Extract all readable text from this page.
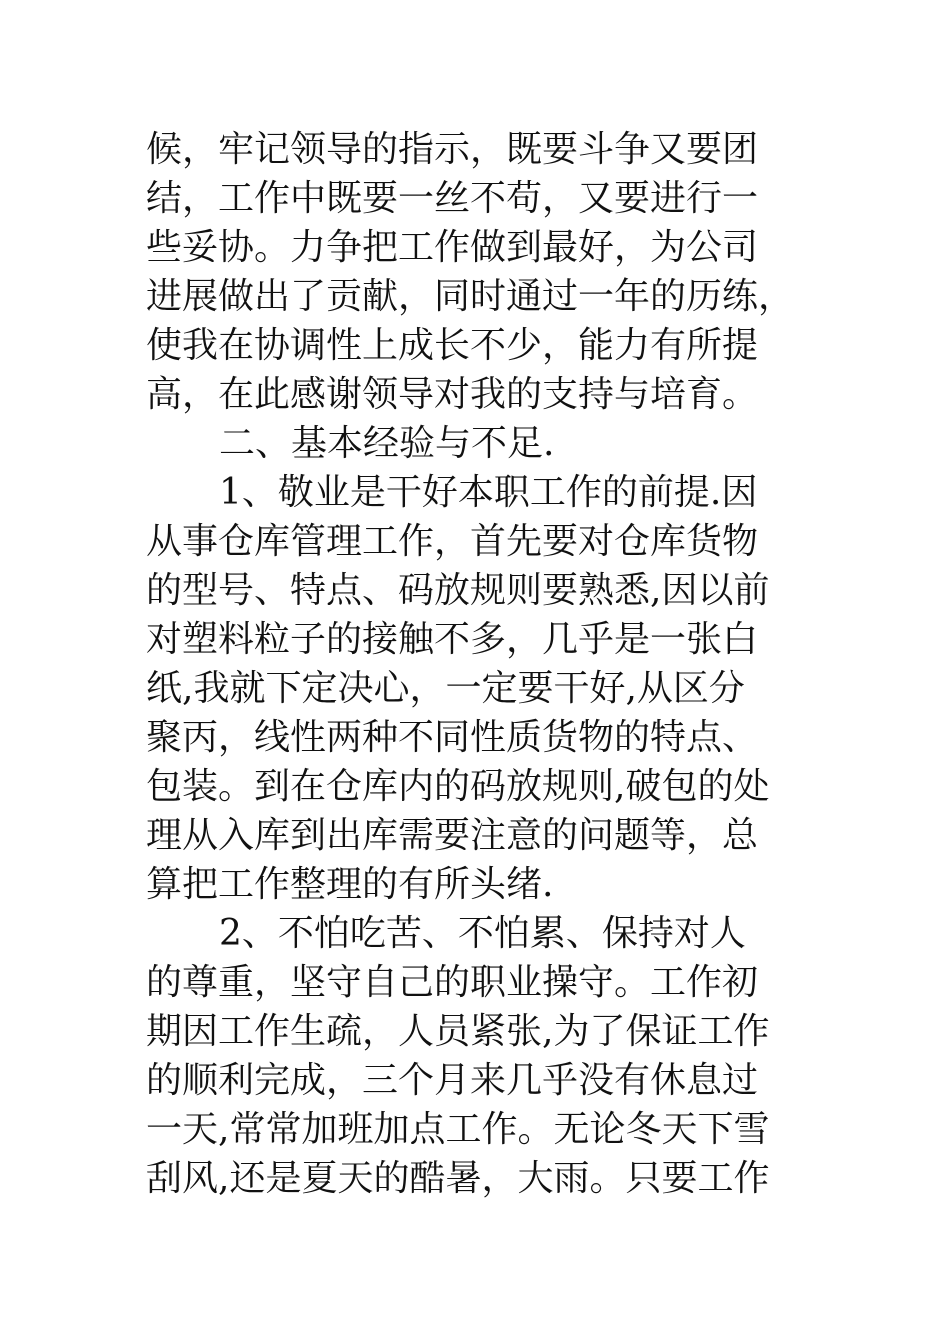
候，牢记领导的指示，既要斗争又要团
结，工作中既要一丝不苟，又要进行一
些妥协。力争把工作做到最好，为公司
进展做出了贡献，同时通过一年的历练，
使我在协调性上成长不少，能力有所提
高，在此感谢领导对我的支持与培育。
二、基本经验与不足.
1、敬业是干好本职工作的前提.因
从事仓库管理工作，首先要对仓库货物
的型号、特点、码放规则要熟悉,因以前
对塑料粒子的接触不多，几乎是一张白
纸,我就下定决心，一定要干好,从区分
聚丙，线性两种不同性质货物的特点、
包装。到在仓库内的码放规则,破包的处
理从入库到出库需要注意的问题等，总
算把工作整理的有所头绪.
2、不怕吃苦、不怕累、保持对人
的尊重，坚守自己的职业操守。工作初
期因工作生疏，人员紧张,为了保证工作
的顺利完成，三个月来几乎没有休息过
一天,常常加班加点工作。无论冬天下雪
刮风,还是夏天的酷暑，大雨。只要工作
